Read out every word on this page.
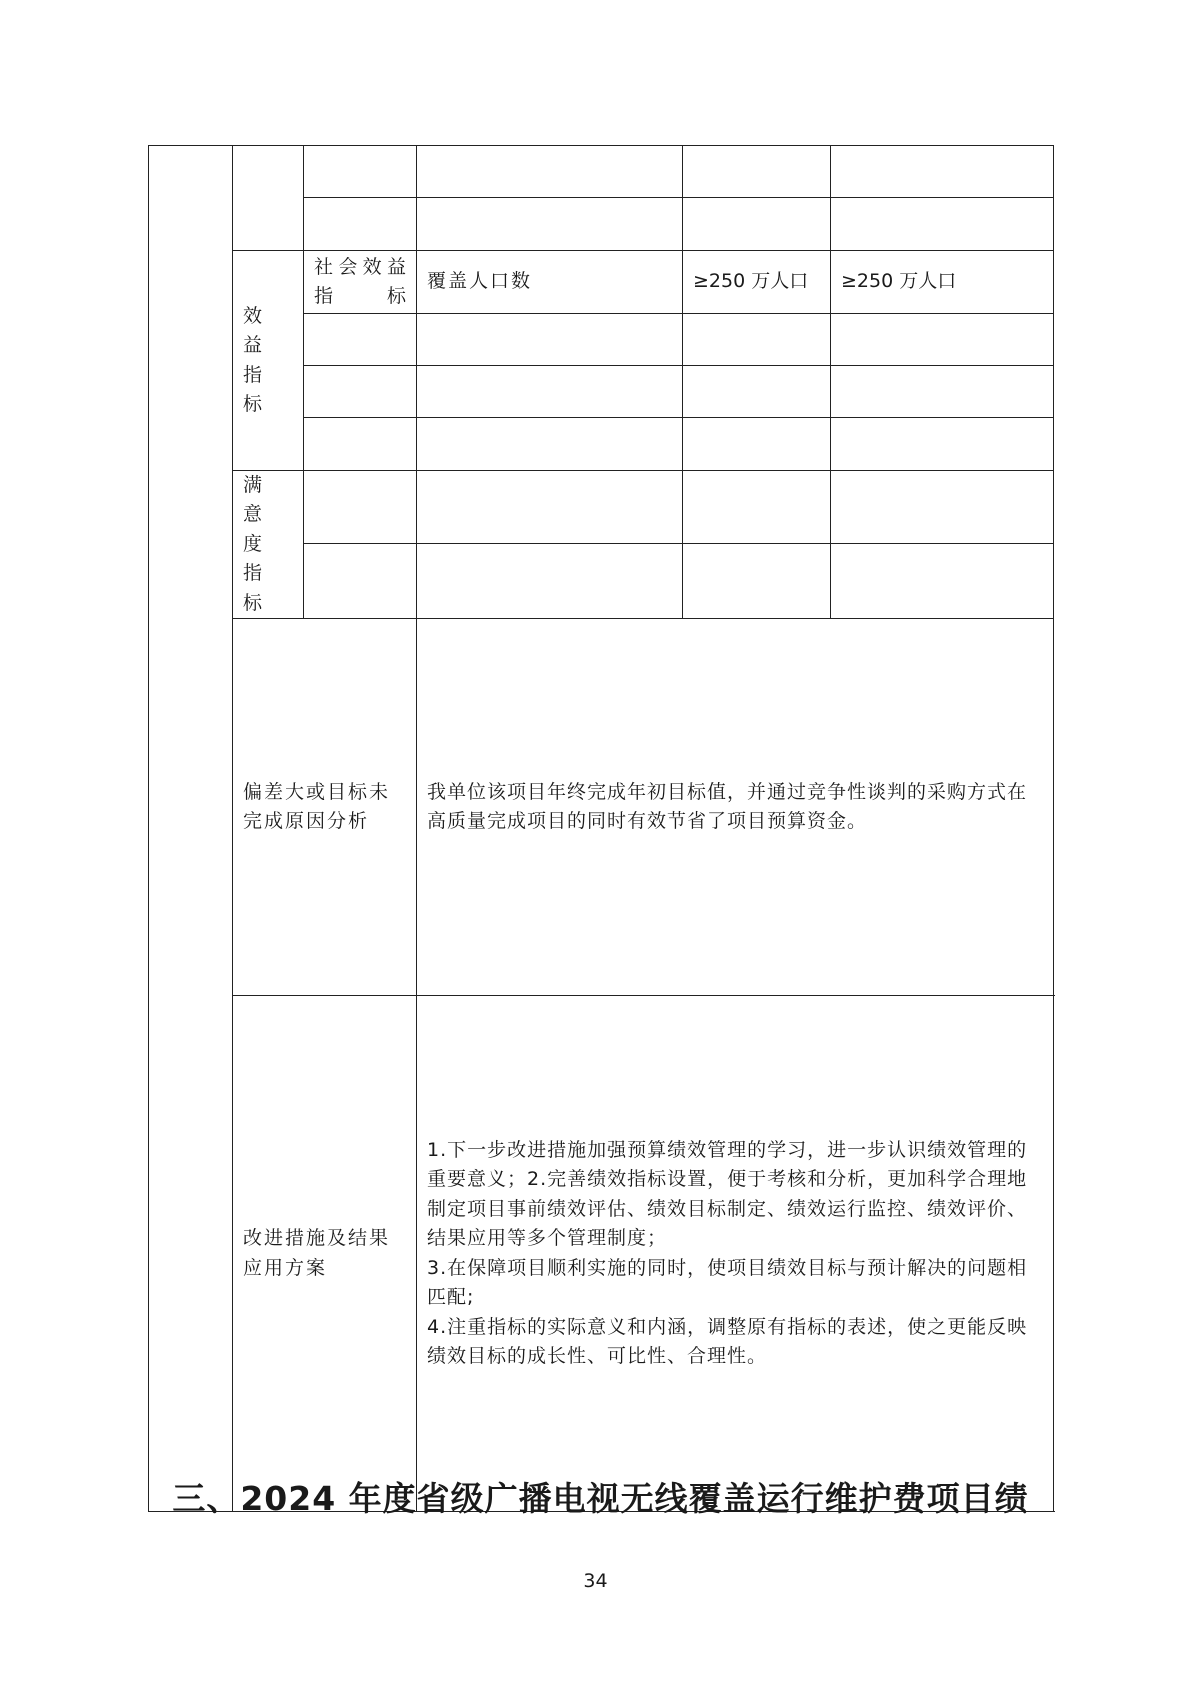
	效益指标	社会效益指标	覆盖人口数	≥250 万人口	≥250 万人口

	满意度指标				

	偏差大或目标未完成原因分析		我单位该项目年终完成年初目标值，并通过竞争性谈判的采购方式在高质量完成项目的同时有效节省了项目预算资金。		
	改进措施及结果应用方案		1.下一步改进措施加强预算绩效管理的学习，进一步认识绩效管理的重要意义；2.完善绩效指标设置，便于考核和分析，更加科学合理地制定项目事前绩效评估、绩效目标制定、绩效运行监控、绩效评价、结果应用等多个管理制度；
3.在保障项目顺利实施的同时，使项目绩效目标与预计解决的问题相匹配;
4.注重指标的实际意义和内涵，调整原有指标的表述，使之更能反映绩效目标的成长性、可比性、合理性。		
三、2024 年度省级广播电视无线覆盖运行维护费项目绩
34
